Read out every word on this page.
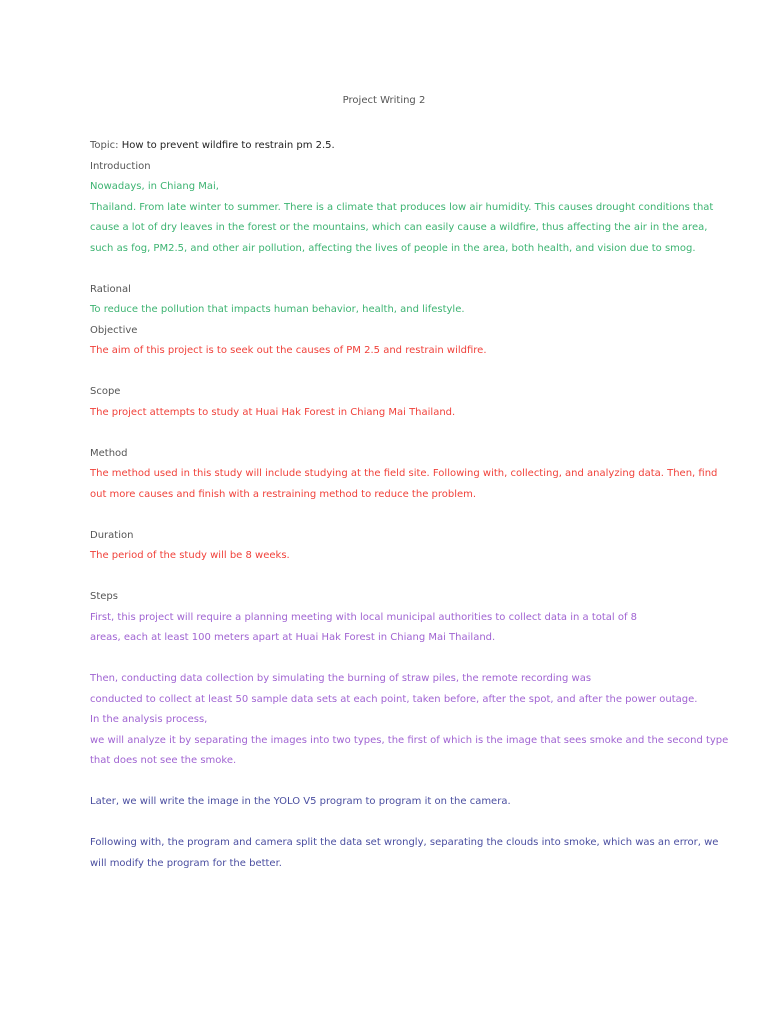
Project Writing 2
Topic: How to prevent wildfire to restrain pm 2.5.
Introduction
Nowadays, in Chiang Mai,
Thailand. From late winter to summer. There is a climate that produces low air humidity. This causes drought conditions that
cause a lot of dry leaves in the forest or the mountains, which can easily cause a wildfire, thus affecting the air in the area,
such as fog, PM2.5, and other air pollution, affecting the lives of people in the area, both health, and vision due to smog.
Rational
To reduce the pollution that impacts human behavior, health, and lifestyle.
Objective
The aim of this project is to seek out the causes of PM 2.5 and restrain wildfire.
Scope
The project attempts to study at Huai Hak Forest in Chiang Mai Thailand.
Method
The method used in this study will include studying at the field site. Following with, collecting, and analyzing data. Then, find
out more causes and finish with a restraining method to reduce the problem.
Duration
The period of the study will be 8 weeks.
Steps
First, this project will require a planning meeting with local municipal authorities to collect data in a total of 8
areas, each at least 100 meters apart at Huai Hak Forest in Chiang Mai Thailand.
Then, conducting data collection by simulating the burning of straw piles, the remote recording was
conducted to collect at least 50 sample data sets at each point, taken before, after the spot, and after the power outage.
In the analysis process,
we will analyze it by separating the images into two types, the first of which is the image that sees smoke and the second type
that does not see the smoke.
Later, we will write the image in the YOLO V5 program to program it on the camera.
Following with, the program and camera split the data set wrongly, separating the clouds into smoke, which was an error, we
will modify the program for the better.
